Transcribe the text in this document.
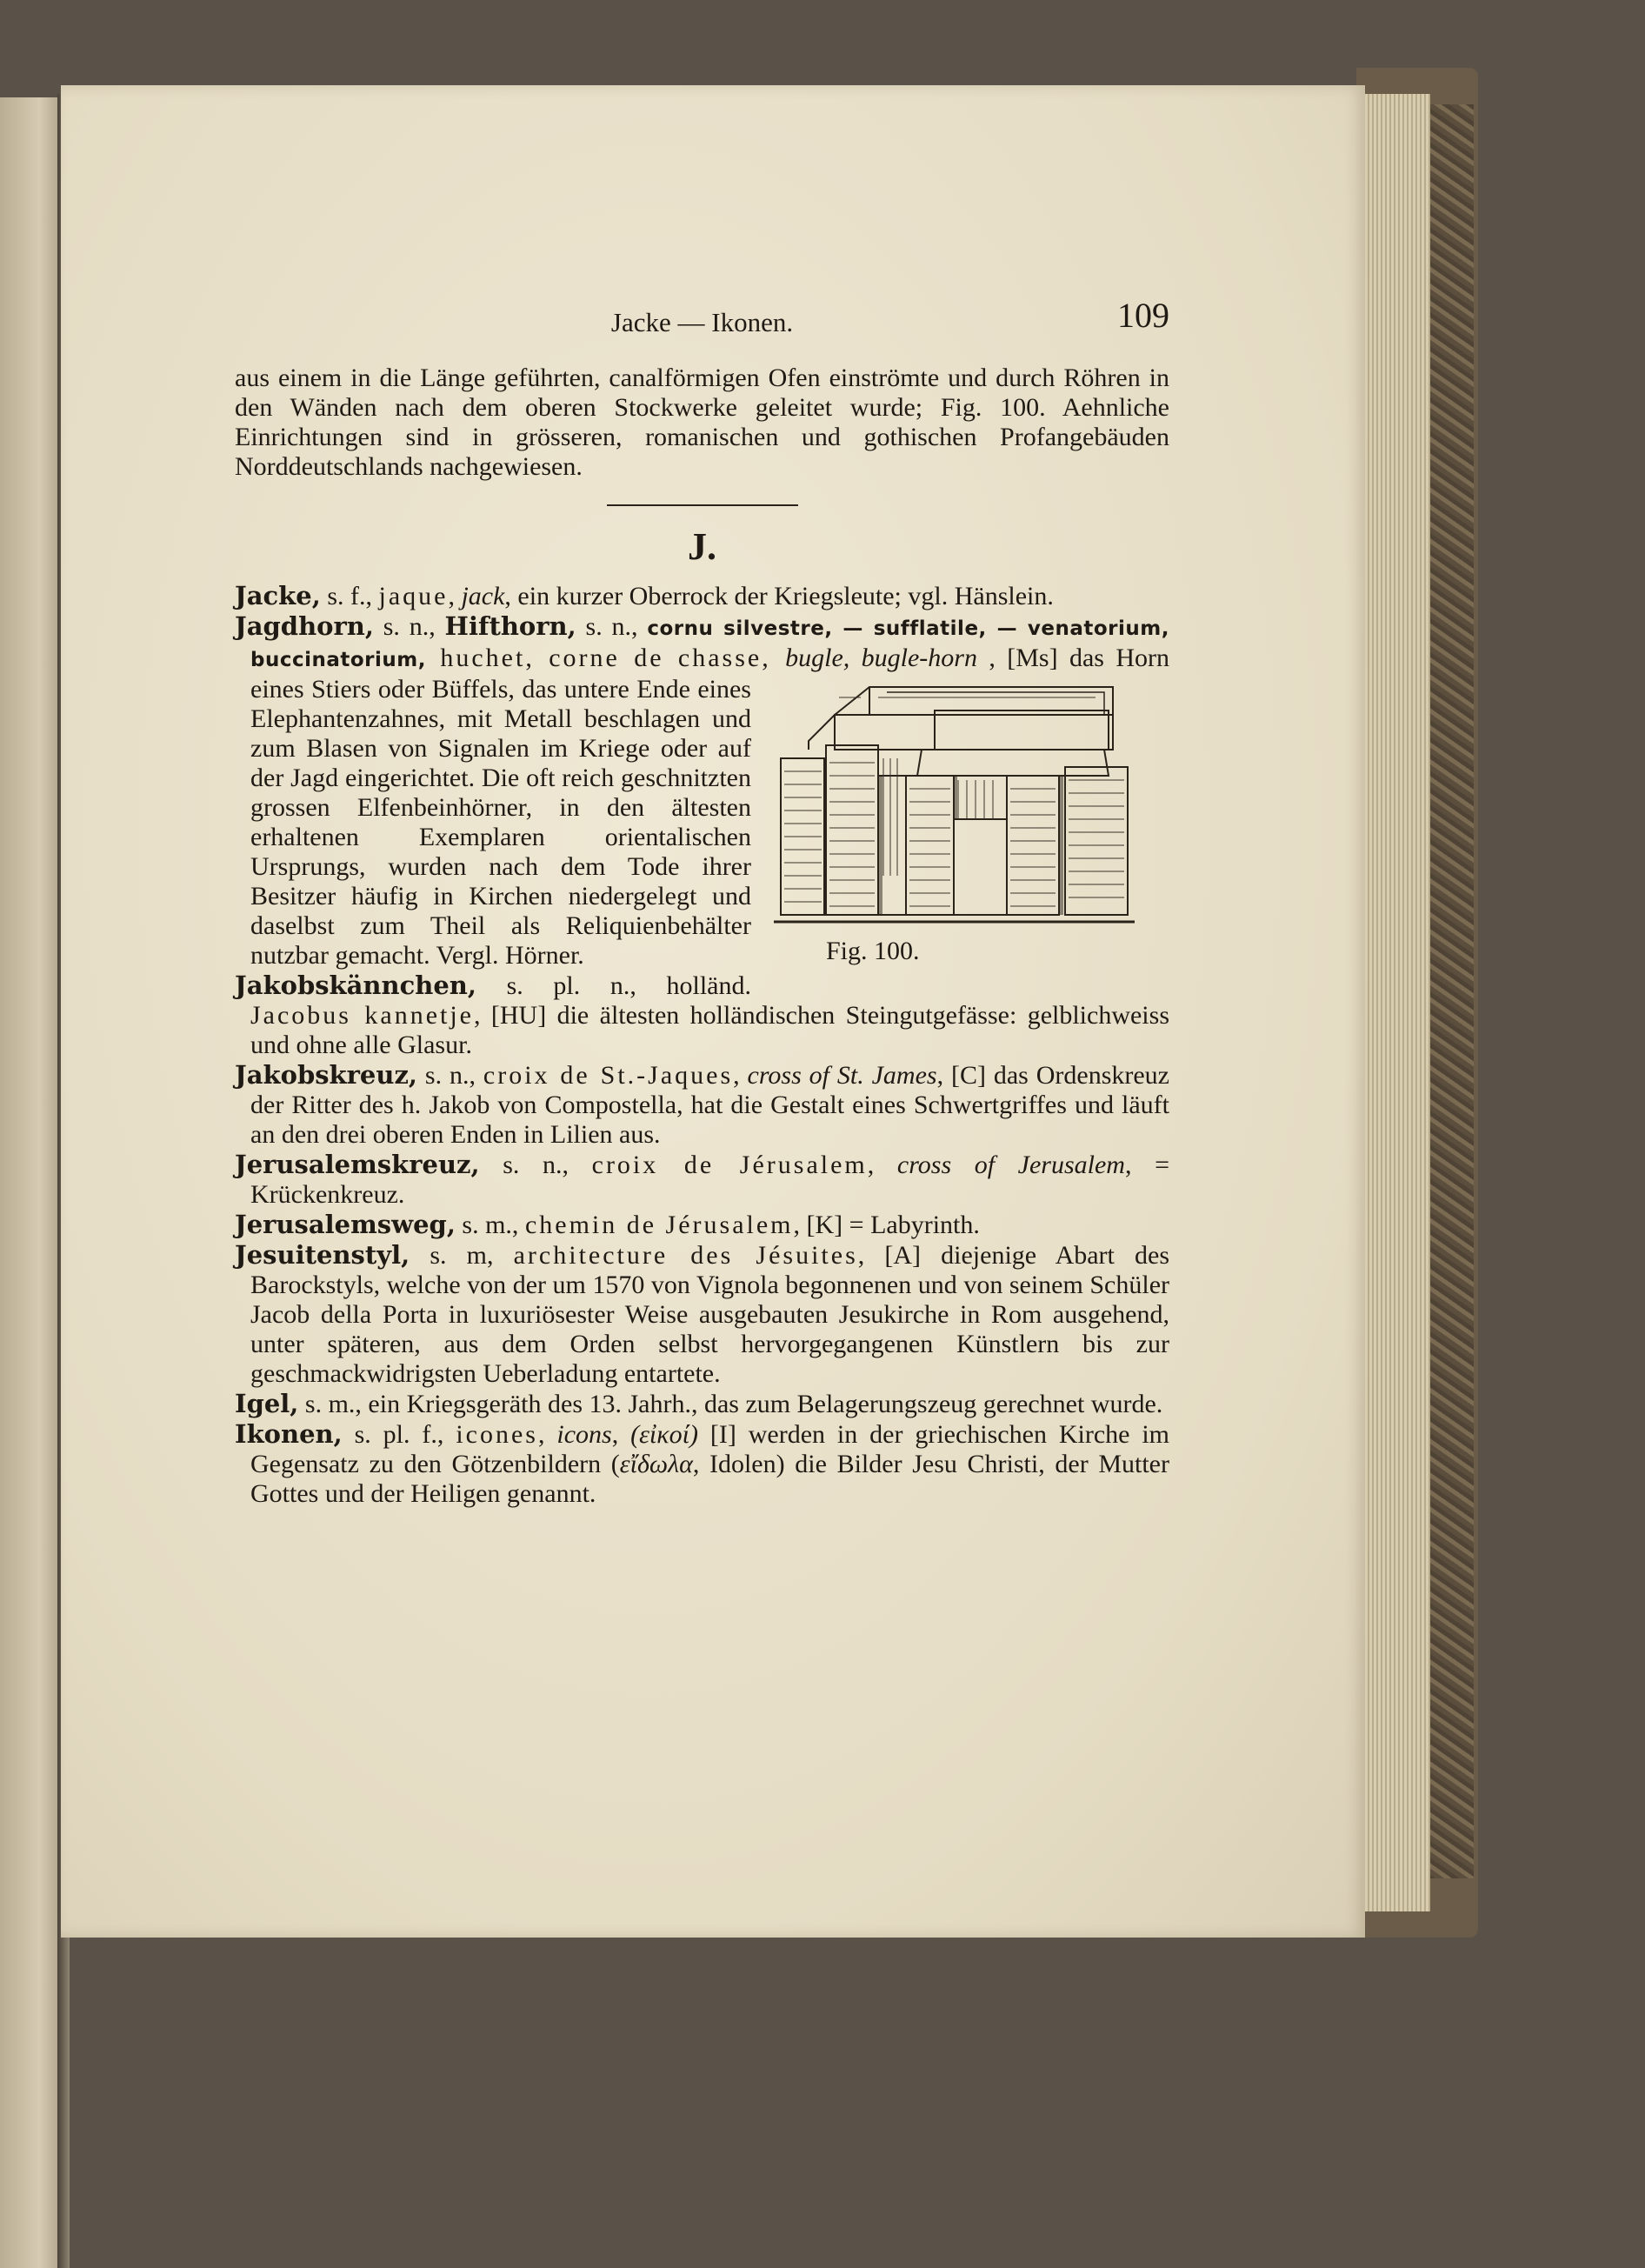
Jacke — Ikonen.	109

aus einem in die Länge geführten, canalförmigen Ofen einströmte und durch Röhren in den Wänden nach dem oberen Stockwerke geleitet wurde; Fig. 100. Aehnliche Einrichtungen sind in grösseren, romanischen und gothischen Profangebäuden Norddeutschlands nachgewiesen.

J.

Jacke, s. f., jaque, jack, ein kurzer Oberrock der Kriegsleute; vgl. Hänslein.

Jagdhorn, s. n., Hifthorn, s. n., cornu silvestre, — sufflatile, — venatorium, buccinatorium, huchet, corne de chasse, bugle, bugle-horn
Fig. 100.
, [Ms] das Horn eines Stiers oder Büffels, das untere Ende eines Elephantenzahnes, mit Metall beschlagen und zum Blasen von Signalen im Kriege oder auf der Jagd eingerichtet. Die oft reich geschnitzten grossen Elfenbeinhörner, in den ältesten erhaltenen Exemplaren orientalischen Ursprungs, wurden nach dem Tode ihrer Besitzer häufig in Kirchen niedergelegt und daselbst zum Theil als Reliquienbehälter nutzbar gemacht. Vergl. Hörner.

Jakobskännchen, s. pl. n., holländ. Jacobus kannetje, [HU] die ältesten holländischen Steingutgefässe: gelblichweiss und ohne alle Glasur.

Jakobskreuz, s. n., croix de St.-Jaques, cross of St. James, [C] das Ordenskreuz der Ritter des h. Jakob von Compostella, hat die Gestalt eines Schwertgriffes und läuft an den drei oberen Enden in Lilien aus.

Jerusalemskreuz, s. n., croix de Jérusalem, cross of Jerusalem, = Krückenkreuz.

Jerusalemsweg, s. m., chemin de Jérusalem, [K] = Labyrinth.

Jesuitenstyl, s. m, architecture des Jésuites, [A] diejenige Abart des Barockstyls, welche von der um 1570 von Vignola begonnenen und von seinem Schüler Jacob della Porta in luxuriösester Weise ausgebauten Jesukirche in Rom ausgehend, unter späteren, aus dem Orden selbst hervorgegangenen Künstlern bis zur geschmackwidrigsten Ueberladung entartete.

Igel, s. m., ein Kriegsgeräth des 13. Jahrh., das zum Belagerungszeug gerechnet wurde.

Ikonen, s. pl. f., icones, icons, (εἰκοί) [I] werden in der griechischen Kirche im Gegensatz zu den Götzenbildern (εἴδωλα, Idolen) die Bilder Jesu Christi, der Mutter Gottes und der Heiligen genannt.
